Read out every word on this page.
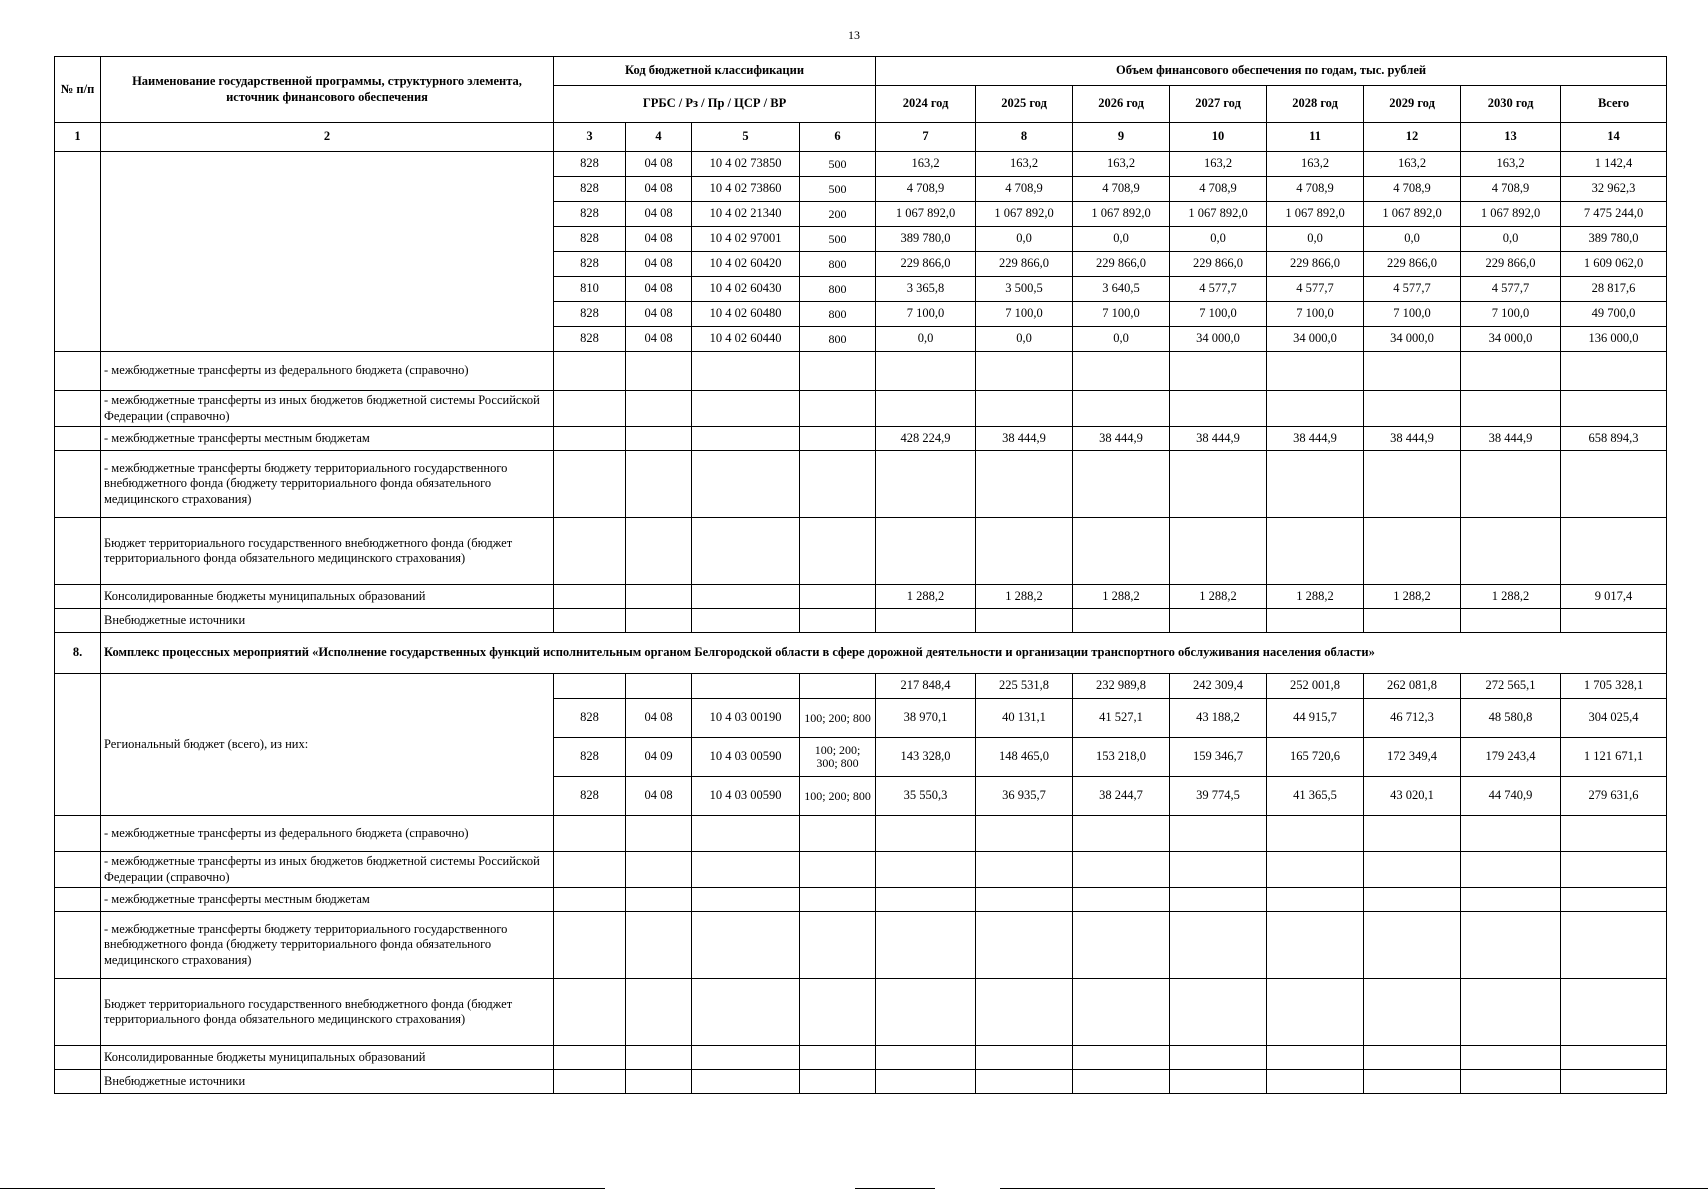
13
№ п/п	Наименование государственной программы, структурного элемента, источник финансового обеспечения	Код бюджетной классификации				Объем финансового обеспечения по годам, тыс. рублей							
		ГРБС / Рз / Пр / ЦСР / ВР				2024 год	2025 год	2026 год	2027 год	2028 год	2029 год	2030 год	Всего
1	2	3	4	5	6	7	8	9	10	11	12	13	14
		828	04 08	10 4 02 73850	500	163,2	163,2	163,2	163,2	163,2	163,2	163,2	1 142,4
		828	04 08	10 4 02 73860	500	4 708,9	4 708,9	4 708,9	4 708,9	4 708,9	4 708,9	4 708,9	32 962,3
		828	04 08	10 4 02 21340	200	1 067 892,0	1 067 892,0	1 067 892,0	1 067 892,0	1 067 892,0	1 067 892,0	1 067 892,0	7 475 244,0
		828	04 08	10 4 02 97001	500	389 780,0	0,0	0,0	0,0	0,0	0,0	0,0	389 780,0
		828	04 08	10 4 02 60420	800	229 866,0	229 866,0	229 866,0	229 866,0	229 866,0	229 866,0	229 866,0	1 609 062,0
		810	04 08	10 4 02 60430	800	3 365,8	3 500,5	3 640,5	4 577,7	4 577,7	4 577,7	4 577,7	28 817,6
		828	04 08	10 4 02 60480	800	7 100,0	7 100,0	7 100,0	7 100,0	7 100,0	7 100,0	7 100,0	49 700,0
		828	04 08	10 4 02 60440	800	0,0	0,0	0,0	34 000,0	34 000,0	34 000,0	34 000,0	136 000,0
	- межбюджетные трансферты из федерального бюджета (справочно)												
	- межбюджетные трансферты из иных бюджетов бюджетной системы Российской Федерации (справочно)												
	- межбюджетные трансферты местным бюджетам					428 224,9	38 444,9	38 444,9	38 444,9	38 444,9	38 444,9	38 444,9	658 894,3
	- межбюджетные трансферты бюджету территориального государственного внебюджетного фонда (бюджету территориального фонда обязательного медицинского страхования)												
	Бюджет территориального государственного внебюджетного фонда (бюджет территориального фонда обязательного медицинского страхования)												
	Консолидированные бюджеты муниципальных образований					1 288,2	1 288,2	1 288,2	1 288,2	1 288,2	1 288,2	1 288,2	9 017,4
	Внебюджетные источники												
8.	Комплекс процессных мероприятий «Исполнение государственных функций исполнительным органом Белгородской области в сфере дорожной деятельности и организации транспортного обслуживания населения области»												
	Региональный бюджет (всего), из них:					217 848,4	225 531,8	232 989,8	242 309,4	252 001,8	262 081,8	272 565,1	1 705 328,1
		828	04 08	10 4 03 00190	100; 200; 800	38 970,1	40 131,1	41 527,1	43 188,2	44 915,7	46 712,3	48 580,8	304 025,4
		828	04 09	10 4 03 00590	100; 200; 300; 800	143 328,0	148 465,0	153 218,0	159 346,7	165 720,6	172 349,4	179 243,4	1 121 671,1
		828	04 08	10 4 03 00590	100; 200; 800	35 550,3	36 935,7	38 244,7	39 774,5	41 365,5	43 020,1	44 740,9	279 631,6
	- межбюджетные трансферты из федерального бюджета (справочно)												
	- межбюджетные трансферты из иных бюджетов бюджетной системы Российской Федерации (справочно)												
	- межбюджетные трансферты местным бюджетам												
	- межбюджетные трансферты бюджету территориального государственного внебюджетного фонда (бюджету территориального фонда обязательного медицинского страхования)												
	Бюджет территориального государственного внебюджетного фонда (бюджет территориального фонда обязательного медицинского страхования)												
	Консолидированные бюджеты муниципальных образований												
	Внебюджетные источники												
